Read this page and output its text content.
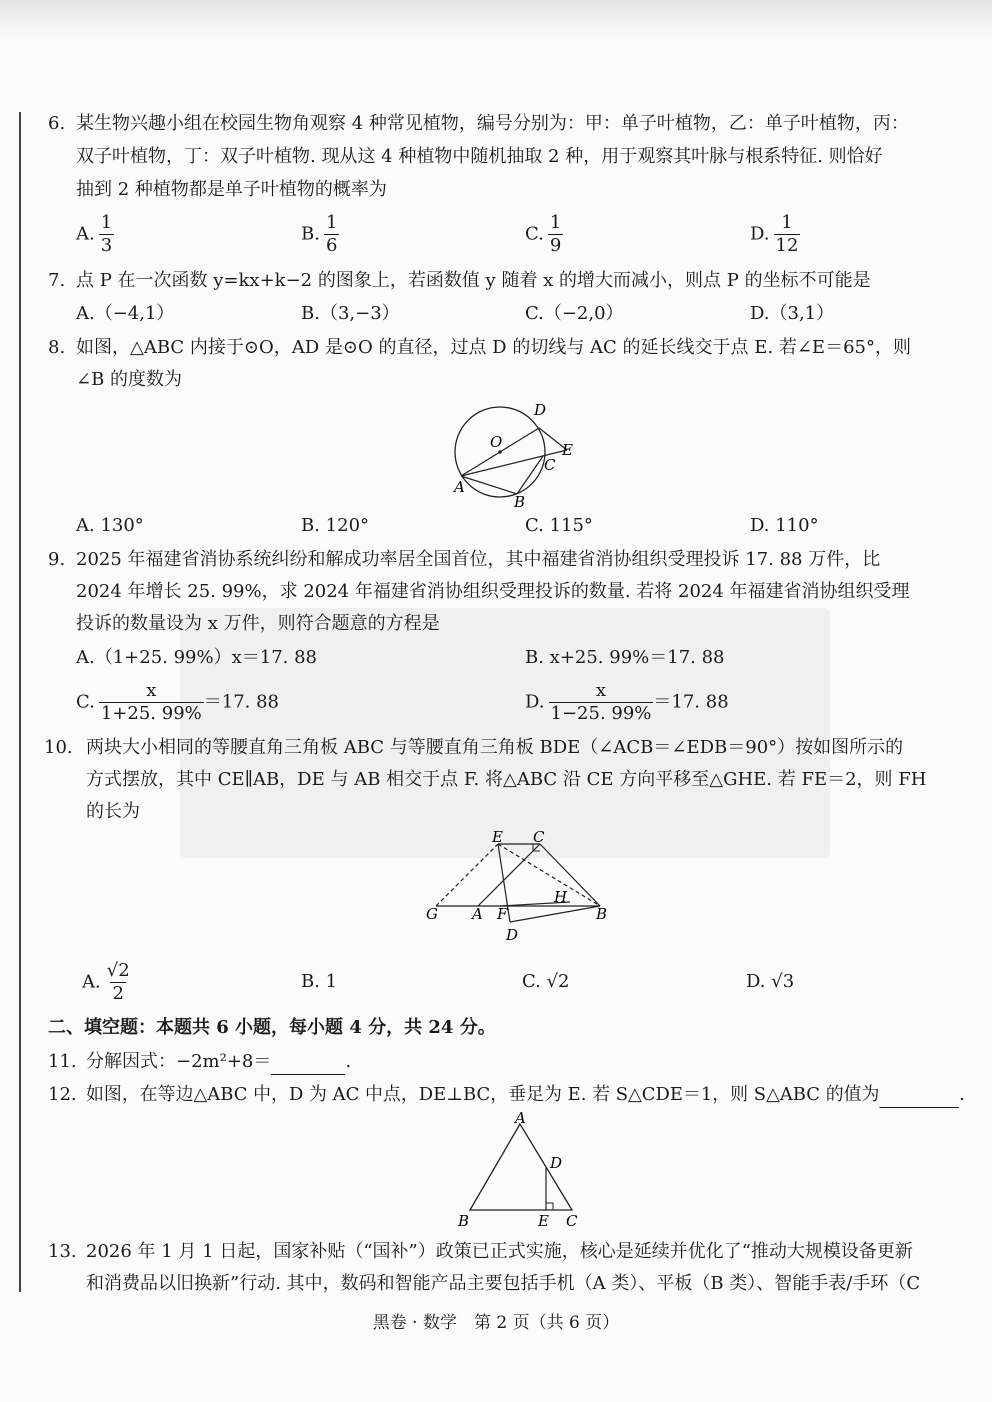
6. 某生物兴趣小组在校园生物角观察 4 种常见植物，编号分别为：甲：单子叶植物，乙：单子叶植物，丙：
双子叶植物，丁：双子叶植物. 现从这 4 种植物中随机抽取 2 种，用于观察其叶脉与根系特征. 则恰好
抽到 2 种植物都是单子叶植物的概率为
A. $\frac{1}{3}$	B. $\frac{1}{6}$	C. $\frac{1}{9}$	D. $\frac{1}{12}$
7. 点 P 在一次函数 y=kx+k−2 的图象上，若函数值 y 随着 x 的增大而减小，则点 P 的坐标不可能是
A.（−4,1）	B.（3,−3）	C.（−2,0）	D.（3,1）
8. 如图，△ABC 内接于⊙O，AD 是⊙O 的直径，过点 D 的切线与 AC 的延长线交于点 E. 若∠E＝65°，则
∠B 的度数为
D
O	E
C
A
B
A. 130°	B. 120°	C. 115°	D. 110°
9. 2025 年福建省消协系统纠纷和解成功率居全国首位，其中福建省消协组织受理投诉 17. 88 万件，比
2024 年增长 25. 99%，求 2024 年福建省消协组织受理投诉的数量. 若将 2024 年福建省消协组织受理
投诉的数量设为 x 万件，则符合题意的方程是
A.（1+25. 99%）x＝17. 88	B. x+25. 99%＝17. 88
C. $\frac{x}{1+25. 99\%} =17$. 88	D. $\frac{x}{1-25. 99\%} =17$. 88
10. 两块大小相同的等腰直角三角板 ABC 与等腰直角三角板 BDE（∠ACB＝∠EDB＝90°）按如图所示的
方式摆放，其中 CE∥AB，DE 与 AB 相交于点 F. 将△ABC 沿 CE 方向平移至△GHE. 若 FE＝2，则 FH
的长为
E C
H
G A F	B
D
A. $\frac{√2}{2}$	B. 1	C. √2	D. √3
二、填空题：本题共 6 小题，每小题 4 分，共 24 分。
11. 分解因式：−2m²+8＝	.
12. 如图，在等边△ABC 中，D 为 AC 中点，DE⊥BC，垂足为 E. 若 S△CDE＝1，则 S△ABC 的值为	.
A
D
B	E C
13. 2026 年 1 月 1 日起，国家补贴（“国补”）政策已正式实施，核心是延续并优化了“推动大规模设备更新
和消费品以旧换新”行动. 其中，数码和智能产品主要包括手机（A 类）、平板（B 类）、智能手表/手环（C
黑卷 · 数学　第 2 页（共 6 页）
